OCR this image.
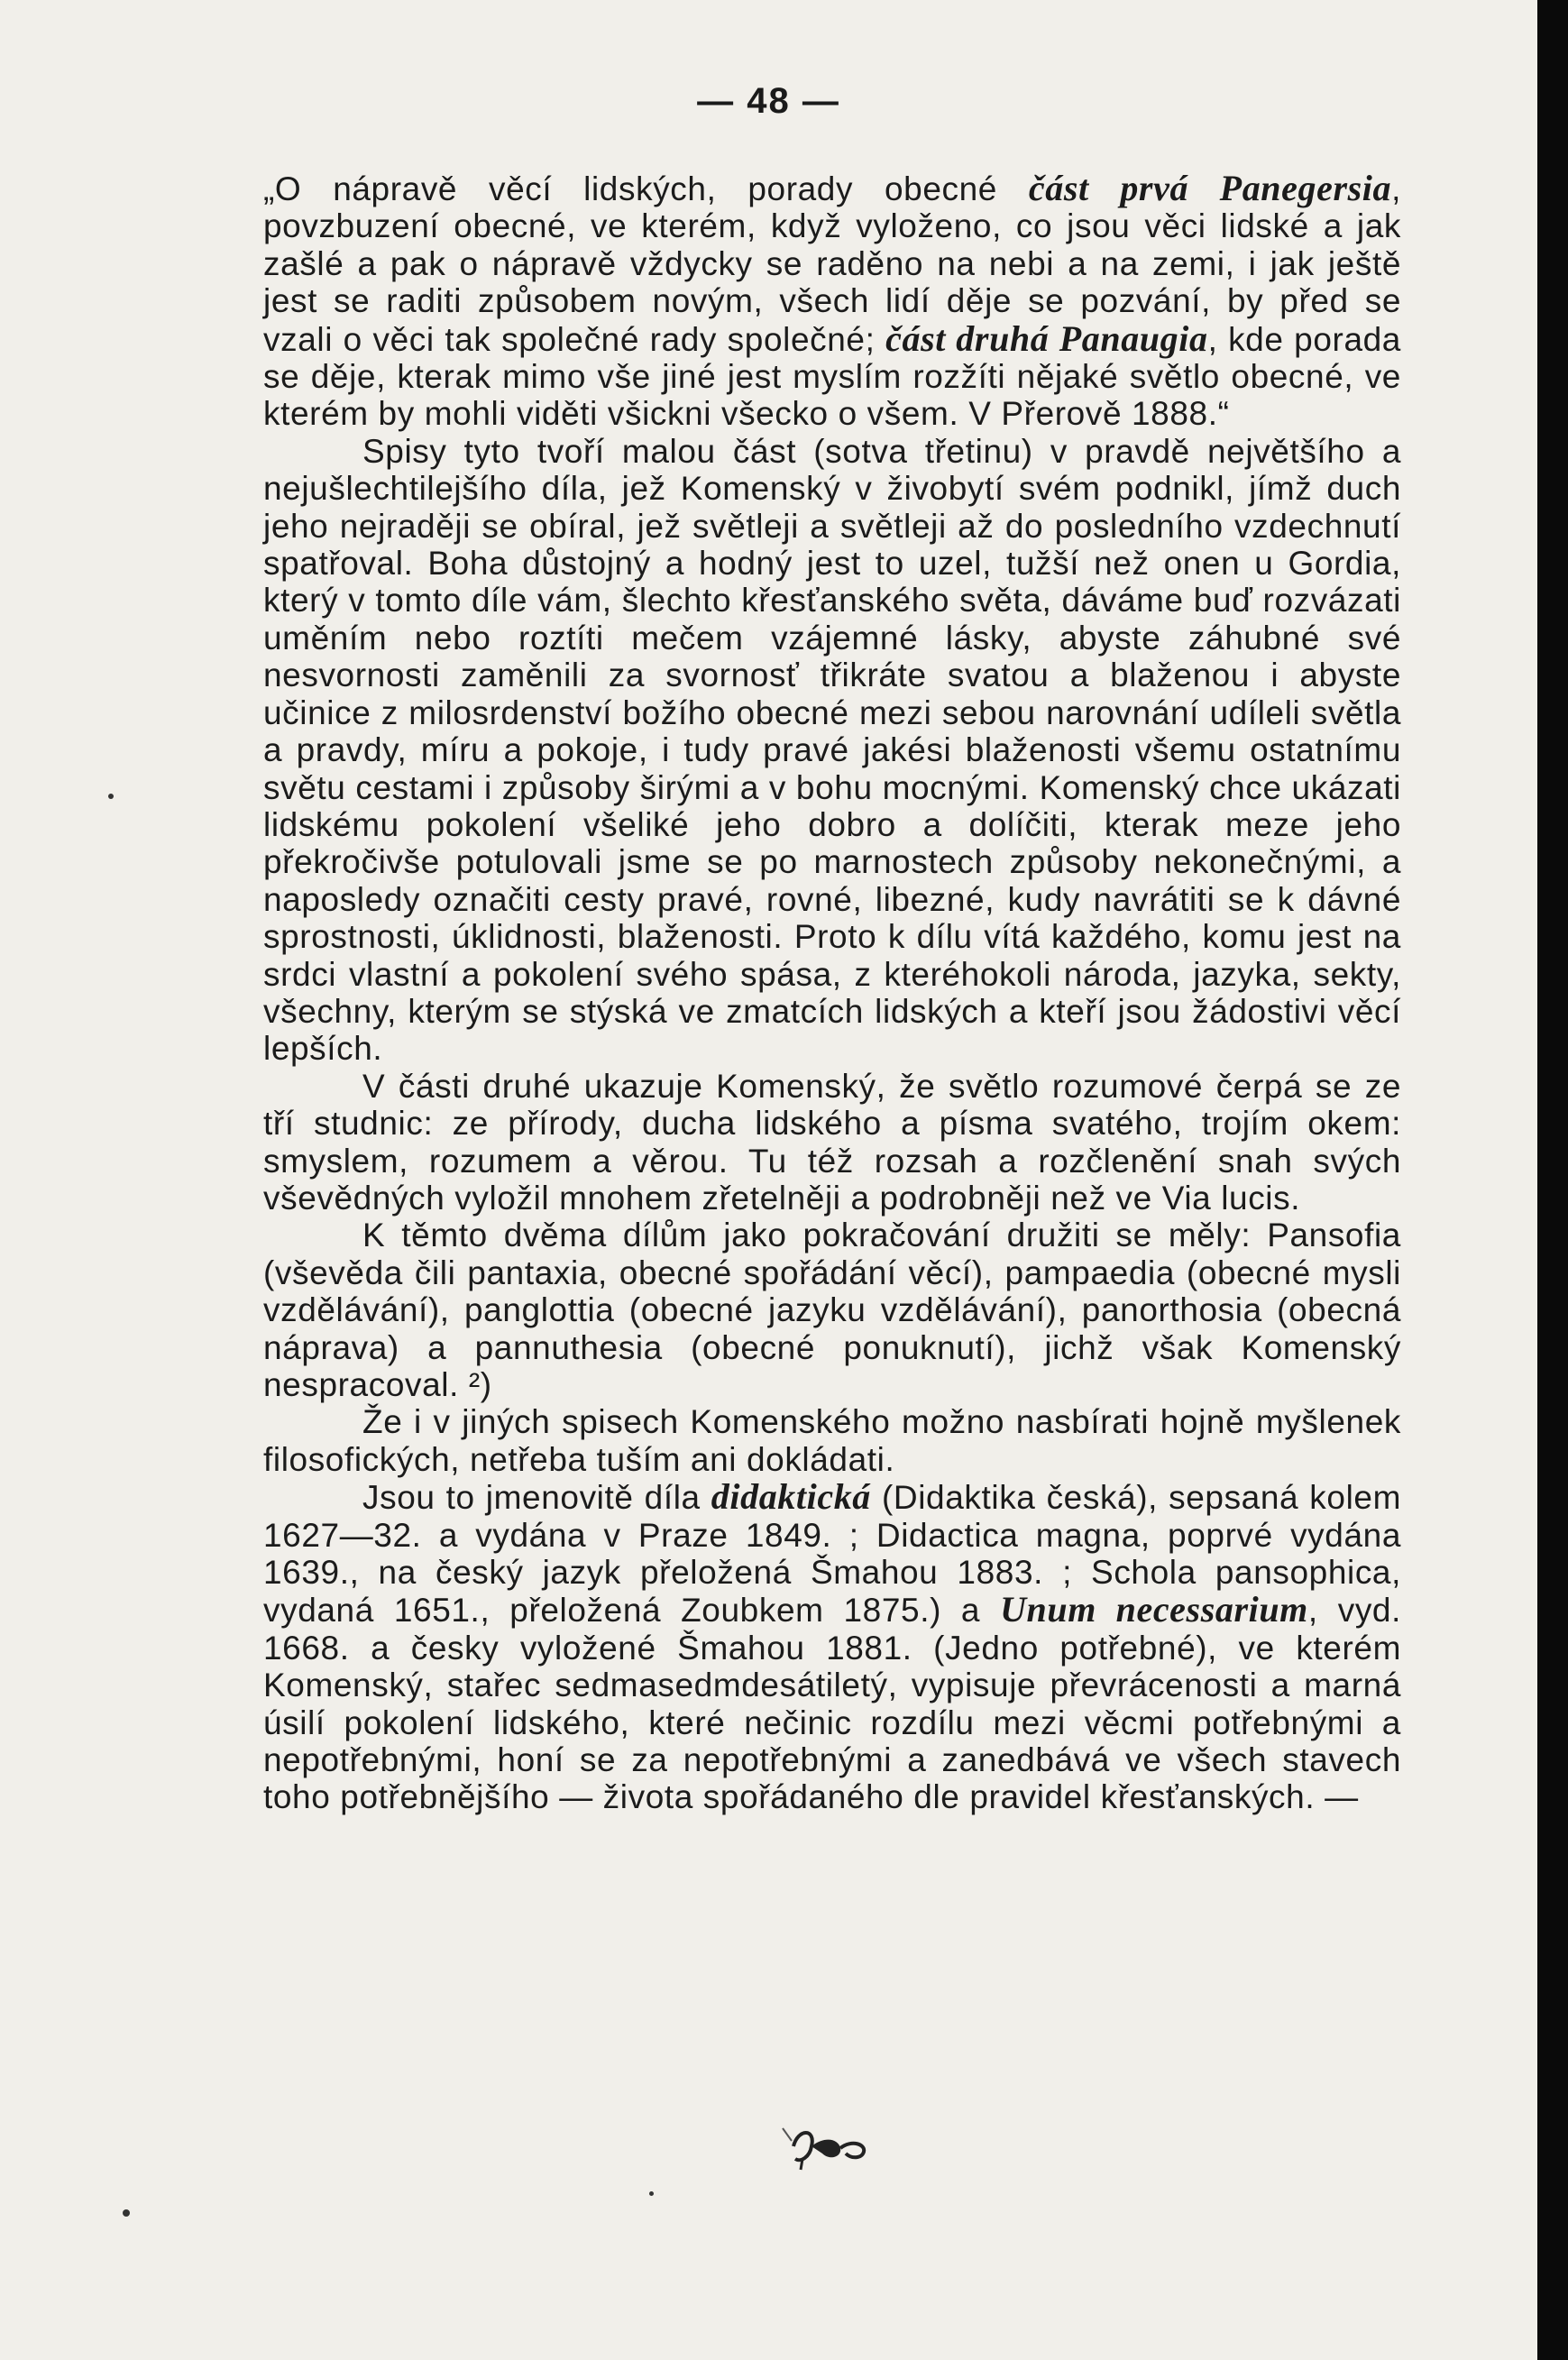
— 48 —

„O nápravě věcí lidských, porady obecné část prvá Panegersia, povzbuzení obecné, ve kterém, když vyloženo, co jsou věci lidské a jak zašlé a pak o nápravě vždycky se raděno na nebi a na zemi, i jak ještě jest se raditi způsobem novým, všech lidí děje se pozvání, by před se vzali o věci tak společné rady společné; část druhá Panaugia, kde porada se děje, kterak mimo vše jiné jest myslím rozžíti nějaké světlo obecné, ve kterém by mohli viděti všickni všecko o všem. V Přerově 1888.“

Spisy tyto tvoří malou část (sotva třetinu) v pravdě největšího a nejušlechtilejšího díla, jež Komenský v živobytí svém podnikl, jímž duch jeho nejraději se obíral, jež světleji a světleji až do posledního vzdechnutí spatřoval. Boha důstojný a hodný jest to uzel, tužší než onen u Gordia, který v tomto díle vám, šlechto křesťanského světa, dáváme buď rozvázati uměním nebo roztíti mečem vzájemné lásky, abyste záhubné své nesvornosti zaměnili za svornosť třikráte svatou a blaženou i abyste učinice z milosrdenství božího obecné mezi sebou narovnání udíleli světla a pravdy, míru a pokoje, i tudy pravé jakési blaženosti všemu ostatnímu světu cestami i způsoby širými a v bohu mocnými. Komenský chce ukázati lidskému pokolení všeliké jeho dobro a dolíčiti, kterak meze jeho překročivše potulovali jsme se po marnostech způsoby nekonečnými, a naposledy označiti cesty pravé, rovné, libezné, kudy navrátiti se k dávné sprostnosti, úklidnosti, blaženosti. Proto k dílu vítá každého, komu jest na srdci vlastní a pokolení svého spása, z kteréhokoli národa, jazyka, sekty, všechny, kterým se stýská ve zmatcích lidských a kteří jsou žádostivi věcí lepších.

V části druhé ukazuje Komenský, že světlo rozumové čerpá se ze tří studnic: ze přírody, ducha lidského a písma svatého, trojím okem: smyslem, rozumem a věrou. Tu též rozsah a rozčlenění snah svých vševědných vyložil mnohem zřetelněji a podrobněji než ve Via lucis.

K těmto dvěma dílům jako pokračování družiti se měly: Pansofia (vševěda čili pantaxia, obecné spořádání věcí), pampaedia (obecné mysli vzdělávání), panglottia (obecné jazyku vzdělávání), panorthosia (obecná náprava) a pannuthesia (obecné ponuknutí), jichž však Komenský nespracoval. ²)

Že i v jiných spisech Komenského možno nasbírati hojně myšlenek filosofických, netřeba tuším ani dokládati.

Jsou to jmenovitě díla didaktická (Didaktika česká), sepsaná kolem 1627—32. a vydána v Praze 1849. ; Didactica magna, poprvé vydána 1639., na český jazyk přeložená Šmahou 1883. ; Schola pansophica, vydaná 1651., přeložená Zoubkem 1875.) a Unum necessarium, vyd. 1668. a česky vyložené Šmahou 1881. (Jedno potřebné), ve kterém Komenský, stařec sedmasedmdesátiletý, vypisuje převrácenosti a marná úsilí pokolení lidského, které nečinic rozdílu mezi věcmi potřebnými a nepotřebnými, honí se za nepotřebnými a zanedbává ve všech stavech toho potřebnějšího — života spořádaného dle pravidel křesťanských. —
